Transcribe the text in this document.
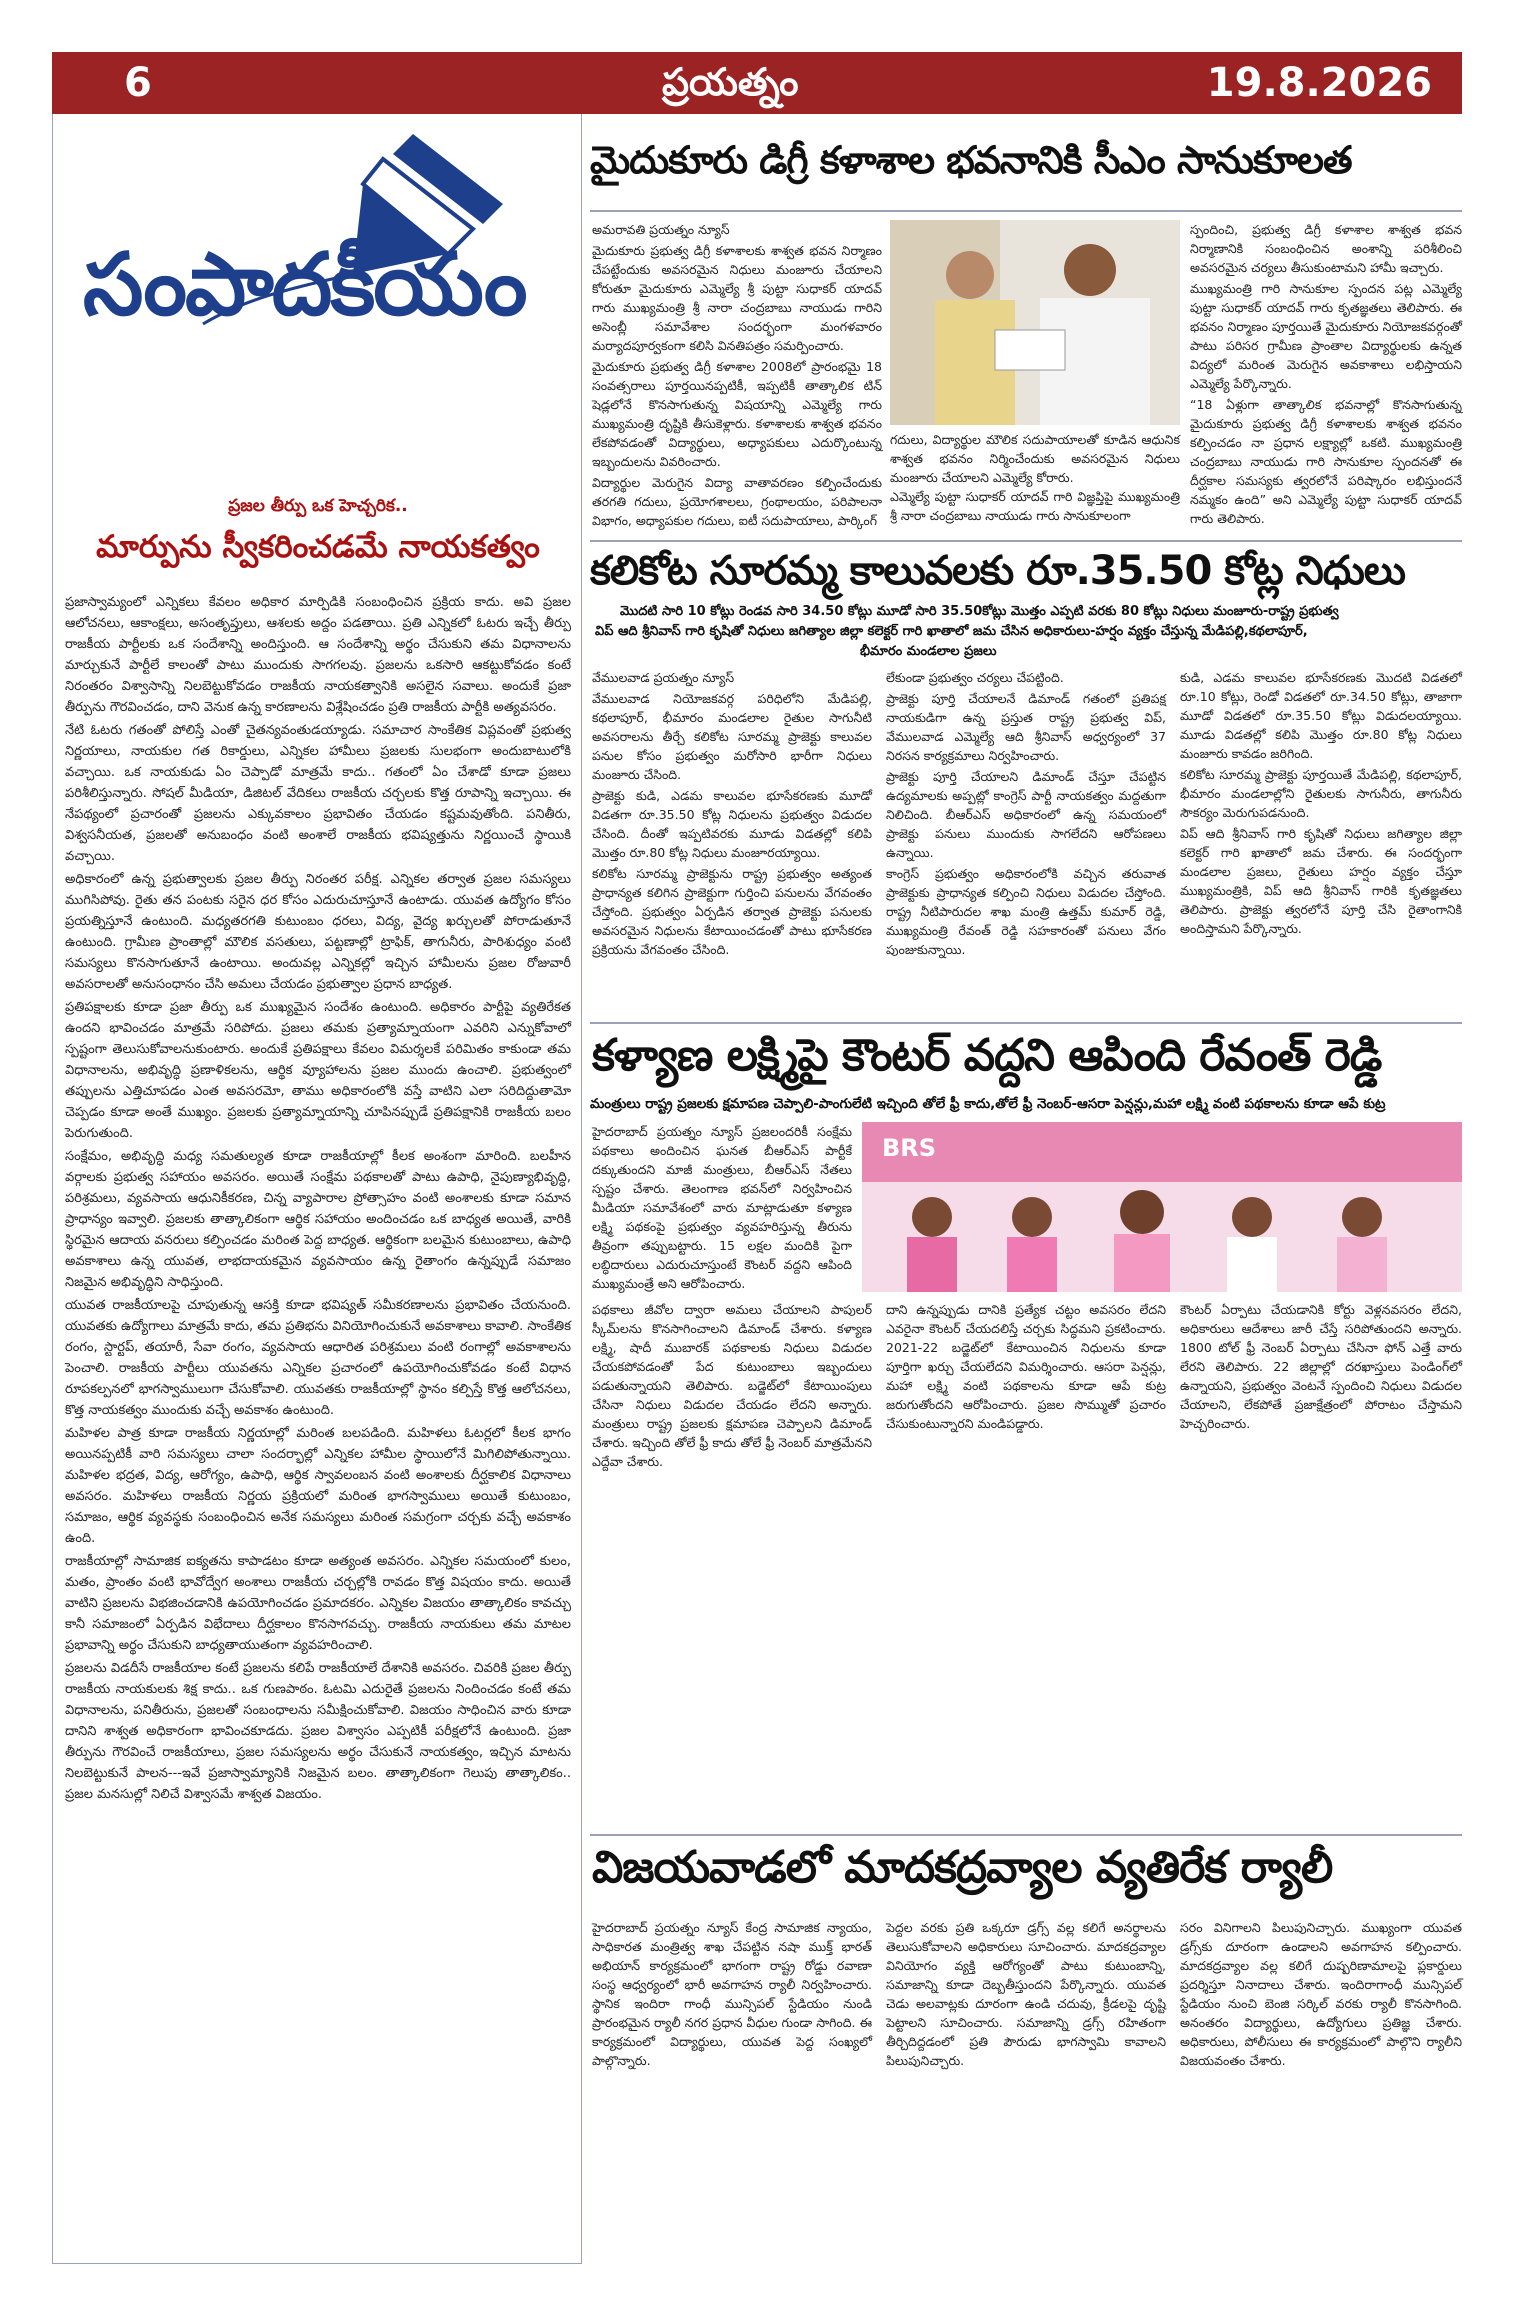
6	ప్రయత్నం	19.8.2026
సంపాదకీయం
ప్రజల తీర్పు ఒక హెచ్చరిక..
మార్పును స్వీకరించడమే నాయకత్వం

ప్రజాస్వామ్యంలో ఎన్నికలు కేవలం అధికార మార్పిడికి సంబంధించిన ప్రక్రియ కాదు. అవి ప్రజల ఆలోచనలు, ఆకాంక్షలు, అసంతృప్తులు, ఆశలకు అద్దం పడతాయి. ప్రతి ఎన్నికలో ఓటరు ఇచ్చే తీర్పు రాజకీయ పార్టీలకు ఒక సందేశాన్ని అందిస్తుంది. ఆ సందేశాన్ని అర్థం చేసుకుని తమ విధానాలను మార్చుకునే పార్టీలే కాలంతో పాటు ముందుకు సాగగలవు. ప్రజలను ఒకసారి ఆకట్టుకోవడం కంటే నిరంతరం విశ్వాసాన్ని నిలబెట్టుకోవడం రాజకీయ నాయకత్వానికి అసలైన సవాలు. అందుకే ప్రజా తీర్పును గౌరవించడం, దాని వెనుక ఉన్న కారణాలను విశ్లేషించడం ప్రతి రాజకీయ పార్టీకి అత్యవసరం.

నేటి ఓటరు గతంతో పోలిస్తే ఎంతో చైతన్యవంతుడయ్యాడు. సమాచార సాంకేతిక విప్లవంతో ప్రభుత్వ నిర్ణయాలు, నాయకుల గత రికార్డులు, ఎన్నికల హామీలు ప్రజలకు సులభంగా అందుబాటులోకి వచ్చాయి. ఒక నాయకుడు ఏం చెప్పాడో మాత్రమే కాదు.. గతంలో ఏం చేశాడో కూడా ప్రజలు పరిశీలిస్తున్నారు. సోషల్ మీడియా, డిజిటల్ వేదికలు రాజకీయ చర్చలకు కొత్త రూపాన్ని ఇచ్చాయి. ఈ నేపథ్యంలో ప్రచారంతో ప్రజలను ఎక్కువకాలం ప్రభావితం చేయడం కష్టమవుతోంది. పనితీరు, విశ్వసనీయత, ప్రజలతో అనుబంధం వంటి అంశాలే రాజకీయ భవిష్యత్తును నిర్ణయించే స్థాయికి వచ్చాయి.

అధికారంలో ఉన్న ప్రభుత్వాలకు ప్రజల తీర్పు నిరంతర పరీక్ష. ఎన్నికల తర్వాత ప్రజల సమస్యలు ముగిసిపోవు. రైతు తన పంటకు సరైన ధర కోసం ఎదురుచూస్తూనే ఉంటాడు. యువత ఉద్యోగం కోసం ప్రయత్నిస్తూనే ఉంటుంది. మధ్యతరగతి కుటుంబం ధరలు, విద్య, వైద్య ఖర్చులతో పోరాడుతూనే ఉంటుంది. గ్రామీణ ప్రాంతాల్లో మౌలిక వసతులు, పట్టణాల్లో ట్రాఫిక్, తాగునీరు, పారిశుధ్యం వంటి సమస్యలు కొనసాగుతూనే ఉంటాయి. అందువల్ల ఎన్నికల్లో ఇచ్చిన హామీలను ప్రజల రోజువారీ అవసరాలతో అనుసంధానం చేసి అమలు చేయడం ప్రభుత్వాల ప్రధాన బాధ్యత.

ప్రతిపక్షాలకు కూడా ప్రజా తీర్పు ఒక ముఖ్యమైన సందేశం ఉంటుంది. అధికారం పార్టీపై వ్యతిరేకత ఉందని భావించడం మాత్రమే సరిపోదు. ప్రజలు తమకు ప్రత్యామ్నాయంగా ఎవరిని ఎన్నుకోవాలో స్పష్టంగా తెలుసుకోవాలనుకుంటారు. అందుకే ప్రతిపక్షాలు కేవలం విమర్శలకే పరిమితం కాకుండా తమ విధానాలను, అభివృద్ధి ప్రణాళికలను, ఆర్థిక వ్యూహాలను ప్రజల ముందు ఉంచాలి. ప్రభుత్వంలో తప్పులను ఎత్తిచూపడం ఎంత అవసరమో, తాము అధికారంలోకి వస్తే వాటిని ఎలా సరిదిద్దుతామో చెప్పడం కూడా అంతే ముఖ్యం. ప్రజలకు ప్రత్యామ్నాయాన్ని చూపినప్పుడే ప్రతిపక్షానికి రాజకీయ బలం పెరుగుతుంది.

సంక్షేమం, అభివృద్ధి మధ్య సమతుల్యత కూడా రాజకీయాల్లో కీలక అంశంగా మారింది. బలహీన వర్గాలకు ప్రభుత్వ సహాయం అవసరం. అయితే సంక్షేమ పథకాలతో పాటు ఉపాధి, నైపుణ్యాభివృద్ధి, పరిశ్రమలు, వ్యవసాయ ఆధునికీకరణ, చిన్న వ్యాపారాల ప్రోత్సాహం వంటి అంశాలకు కూడా సమాన ప్రాధాన్యం ఇవ్వాలి. ప్రజలకు తాత్కాలికంగా ఆర్థిక సహాయం అందించడం ఒక బాధ్యత అయితే, వారికి స్థిరమైన ఆదాయ వనరులు కల్పించడం మరింత పెద్ద బాధ్యత. ఆర్థికంగా బలమైన కుటుంబాలు, ఉపాధి అవకాశాలు ఉన్న యువత, లాభదాయకమైన వ్యవసాయం ఉన్న రైతాంగం ఉన్నప్పుడే సమాజం నిజమైన అభివృద్ధిని సాధిస్తుంది.

యువత రాజకీయాలపై చూపుతున్న ఆసక్తి కూడా భవిష్యత్ సమీకరణాలను ప్రభావితం చేయనుంది. యువతకు ఉద్యోగాలు మాత్రమే కాదు, తమ ప్రతిభను వినియోగించుకునే అవకాశాలు కావాలి. సాంకేతిక రంగం, స్టార్టప్, తయారీ, సేవా రంగం, వ్యవసాయ ఆధారిత పరిశ్రమలు వంటి రంగాల్లో అవకాశాలను పెంచాలి. రాజకీయ పార్టీలు యువతను ఎన్నికల ప్రచారంలో ఉపయోగించుకోవడం కంటే విధాన రూపకల్పనలో భాగస్వాములుగా చేసుకోవాలి. యువతకు రాజకీయాల్లో స్థానం కల్పిస్తే కొత్త ఆలోచనలు, కొత్త నాయకత్వం ముందుకు వచ్చే అవకాశం ఉంటుంది.

మహిళల పాత్ర కూడా రాజకీయ నిర్ణయాల్లో మరింత బలపడింది. మహిళలు ఓటర్లలో కీలక భాగం అయినప్పటికీ వారి సమస్యలు చాలా సందర్భాల్లో ఎన్నికల హామీల స్థాయిలోనే మిగిలిపోతున్నాయి. మహిళల భద్రత, విద్య, ఆరోగ్యం, ఉపాధి, ఆర్థిక స్వావలంబన వంటి అంశాలకు దీర్ఘకాలిక విధానాలు అవసరం. మహిళలు రాజకీయ నిర్ణయ ప్రక్రియలో మరింత భాగస్వాములు అయితే కుటుంబం, సమాజం, ఆర్థిక వ్యవస్థకు సంబంధించిన అనేక సమస్యలు మరింత సమగ్రంగా చర్చకు వచ్చే అవకాశం ఉంది.

రాజకీయాల్లో సామాజిక ఐక్యతను కాపాడటం కూడా అత్యంత అవసరం. ఎన్నికల సమయంలో కులం, మతం, ప్రాంతం వంటి భావోద్వేగ అంశాలు రాజకీయ చర్చల్లోకి రావడం కొత్త విషయం కాదు. అయితే వాటిని ప్రజలను విభజించడానికి ఉపయోగించడం ప్రమాదకరం. ఎన్నికల విజయం తాత్కాలికం కావచ్చు కానీ సమాజంలో ఏర్పడిన విభేదాలు దీర్ఘకాలం కొనసాగవచ్చు. రాజకీయ నాయకులు తమ మాటల ప్రభావాన్ని అర్థం చేసుకుని బాధ్యతాయుతంగా వ్యవహరించాలి.

ప్రజలను విడదీసే రాజకీయాల కంటే ప్రజలను కలిపే రాజకీయాలే దేశానికి అవసరం. చివరికి ప్రజల తీర్పు రాజకీయ నాయకులకు శిక్ష కాదు.. ఒక గుణపాఠం. ఓటమి ఎదురైతే ప్రజలను నిందించడం కంటే తమ విధానాలను, పనితీరును, ప్రజలతో సంబంధాలను సమీక్షించుకోవాలి. విజయం సాధించిన వారు కూడా దానిని శాశ్వత అధికారంగా భావించకూడదు. ప్రజల విశ్వాసం ఎప్పటికీ పరీక్షలోనే ఉంటుంది. ప్రజా తీర్పును గౌరవించే రాజకీయాలు, ప్రజల సమస్యలను అర్థం చేసుకునే నాయకత్వం, ఇచ్చిన మాటను నిలబెట్టుకునే పాలన---ఇవే ప్రజాస్వామ్యానికి నిజమైన బలం. తాత్కాలికంగా గెలుపు తాత్కాలికం.. ప్రజల మనసుల్లో నిలిచే విశ్వాసమే శాశ్వత విజయం.

మైదుకూరు డిగ్రీ కళాశాల భవనానికి సీఎం సానుకూలత

అమరావతి ప్రయత్నం న్యూస్

మైదుకూరు ప్రభుత్వ డిగ్రీ కళాశాలకు శాశ్వత భవన నిర్మాణం చేపట్టేందుకు అవసరమైన నిధులు మంజూరు చేయాలని కోరుతూ మైదుకూరు ఎమ్మెల్యే శ్రీ పుట్టా సుధాకర్ యాదవ్ గారు ముఖ్యమంత్రి శ్రీ నారా చంద్రబాబు నాయుడు గారిని అసెంబ్లీ సమావేశాల సందర్భంగా మంగళవారం మర్యాదపూర్వకంగా కలిసి వినతిపత్రం సమర్పించారు.

మైదుకూరు ప్రభుత్వ డిగ్రీ కళాశాల 2008లో ప్రారంభమై 18 సంవత్సరాలు పూర్తయినప్పటికీ, ఇప్పటికీ తాత్కాలిక టిన్ షెడ్లలోనే కొనసాగుతున్న విషయాన్ని ఎమ్మెల్యే గారు ముఖ్యమంత్రి దృష్టికి తీసుకెళ్లారు. కళాశాలకు శాశ్వత భవనం లేకపోవడంతో విద్యార్థులు, అధ్యాపకులు ఎదుర్కొంటున్న ఇబ్బందులను వివరించారు.

విద్యార్థుల మెరుగైన విద్యా వాతావరణం కల్పించేందుకు తరగతి గదులు, ప్రయోగశాలలు, గ్రంథాలయం, పరిపాలనా విభాగం, అధ్యాపకుల గదులు, ఐటీ సదుపాయాలు, పార్కింగ్

గదులు, విద్యార్థుల మౌలిక సదుపాయాలతో కూడిన ఆధునిక శాశ్వత భవనం నిర్మించేందుకు అవసరమైన నిధులు మంజూరు చేయాలని ఎమ్మెల్యే కోరారు.

ఎమ్మెల్యే పుట్టా సుధాకర్ యాదవ్ గారి విజ్ఞప్తిపై ముఖ్యమంత్రి శ్రీ నారా చంద్రబాబు నాయుడు గారు సానుకూలంగా

స్పందించి, ప్రభుత్వ డిగ్రీ కళాశాల శాశ్వత భవన నిర్మాణానికి సంబంధించిన అంశాన్ని పరిశీలించి అవసరమైన చర్యలు తీసుకుంటామని హామీ ఇచ్చారు.

ముఖ్యమంత్రి గారి సానుకూల స్పందన పట్ల ఎమ్మెల్యే పుట్టా సుధాకర్ యాదవ్ గారు కృతజ్ఞతలు తెలిపారు. ఈ భవనం నిర్మాణం పూర్తయితే మైదుకూరు నియోజకవర్గంతో పాటు పరిసర గ్రామీణ ప్రాంతాల విద్యార్థులకు ఉన్నత విద్యలో మరింత మెరుగైన అవకాశాలు లభిస్తాయని ఎమ్మెల్యే పేర్కొన్నారు.

“18 ఏళ్లుగా తాత్కాలిక భవనాల్లో కొనసాగుతున్న మైదుకూరు ప్రభుత్వ డిగ్రీ కళాశాలకు శాశ్వత భవనం కల్పించడం నా ప్రధాన లక్ష్యాల్లో ఒకటి. ముఖ్యమంత్రి చంద్రబాబు నాయుడు గారి సానుకూల స్పందనతో ఈ దీర్ఘకాల సమస్యకు త్వరలోనే పరిష్కారం లభిస్తుందనే నమ్మకం ఉంది” అని ఎమ్మెల్యే పుట్టా సుధాకర్ యాదవ్ గారు తెలిపారు.

కలికోట సూరమ్మ కాలువలకు రూ.35.50 కోట్ల నిధులు
మొదటి సారి 10 కోట్లు రెండవ సారి 34.50 కోట్లు మూడో సారి 35.50కోట్లు మొత్తం ఎప్పటి వరకు 80 కోట్లు నిధులు మంజూరు-రాష్ట్ర ప్రభుత్వ
విప్ ఆది శ్రీనివాస్ గారి కృషితో నిధులు జగిత్యాల జిల్లా కలెక్టర్ గారి ఖాతాలో జమ చేసిన అధికారులు-హర్షం వ్యక్తం చేస్తున్న మేడిపల్లి,కథలాపూర్,
భీమారం మండలాల ప్రజలు

వేములవాడ ప్రయత్నం న్యూస్

వేములవాడ నియోజకవర్గ పరిధిలోని మేడిపల్లి, కథలాపూర్, భీమారం మండలాల రైతుల సాగునీటి అవసరాలను తీర్చే కలికోట సూరమ్మ ప్రాజెక్టు కాలువల పనుల కోసం ప్రభుత్వం మరోసారి భారీగా నిధులు మంజూరు చేసింది.

ప్రాజెక్టు కుడి, ఎడమ కాలువల భూసేకరణకు మూడో విడతగా రూ.35.50 కోట్ల నిధులను ప్రభుత్వం విడుదల చేసింది. దీంతో ఇప్పటివరకు మూడు విడతల్లో కలిపి మొత్తం రూ.80 కోట్ల నిధులు మంజూరయ్యాయి.

కలికోట సూరమ్మ ప్రాజెక్టును రాష్ట్ర ప్రభుత్వం అత్యంత ప్రాధాన్యత కలిగిన ప్రాజెక్టుగా గుర్తించి పనులను వేగవంతం చేస్తోంది. ప్రభుత్వం ఏర్పడిన తర్వాత ప్రాజెక్టు పనులకు అవసరమైన నిధులను కేటాయించడంతో పాటు భూసేకరణ ప్రక్రియను వేగవంతం చేసింది.

లేకుండా ప్రభుత్వం చర్యలు చేపట్టింది.

ప్రాజెక్టు పూర్తి చేయాలనే డిమాండ్ గతంలో ప్రతిపక్ష నాయకుడిగా ఉన్న ప్రస్తుత రాష్ట్ర ప్రభుత్వ విప్, వేములవాడ ఎమ్మెల్యే ఆది శ్రీనివాస్ అధ్వర్యంలో 37 నిరసన కార్యక్రమాలు నిర్వహించారు.

ప్రాజెక్టు పూర్తి చేయాలని డిమాండ్ చేస్తూ చేపట్టిన ఉద్యమాలకు అప్పట్లో కాంగ్రెస్ పార్టీ నాయకత్వం మద్దతుగా నిలిచింది. బీఆర్ఎస్ అధికారంలో ఉన్న సమయంలో ప్రాజెక్టు పనులు ముందుకు సాగలేదని ఆరోపణలు ఉన్నాయి.

కాంగ్రెస్ ప్రభుత్వం అధికారంలోకి వచ్చిన తరువాత ప్రాజెక్టుకు ప్రాధాన్యత కల్పించి నిధులు విడుదల చేస్తోంది. రాష్ట్ర నీటిపారుదల శాఖ మంత్రి ఉత్తమ్ కుమార్ రెడ్డి, ముఖ్యమంత్రి రేవంత్ రెడ్డి సహకారంతో పనులు వేగం పుంజుకున్నాయి.

కుడి, ఎడమ కాలువల భూసేకరణకు మొదటి విడతలో రూ.10 కోట్లు, రెండో విడతలో రూ.34.50 కోట్లు, తాజాగా మూడో విడతలో రూ.35.50 కోట్లు విడుదలయ్యాయి. మూడు విడతల్లో కలిపి మొత్తం రూ.80 కోట్ల నిధులు మంజూరు కావడం జరిగింది.

కలికోట సూరమ్మ ప్రాజెక్టు పూర్తయితే మేడిపల్లి, కథలాపూర్, భీమారం మండలాల్లోని రైతులకు సాగునీరు, తాగునీరు సౌకర్యం మెరుగుపడనుంది.

విప్ ఆది శ్రీనివాస్ గారి కృషితో నిధులు జగిత్యాల జిల్లా కలెక్టర్ గారి ఖాతాలో జమ చేశారు. ఈ సందర్భంగా మండలాల ప్రజలు, రైతులు హర్షం వ్యక్తం చేస్తూ ముఖ్యమంత్రికి, విప్ ఆది శ్రీనివాస్ గారికి కృతజ్ఞతలు తెలిపారు. ప్రాజెక్టు త్వరలోనే పూర్తి చేసి రైతాంగానికి అందిస్తామని పేర్కొన్నారు.

కళ్యాణ లక్ష్మిపై కౌంటర్ వద్దని ఆపింది రేవంత్ రెడ్డి
మంత్రులు రాష్ట్ర ప్రజలకు క్షమాపణ చెప్పాలి-పాంగులేటి ఇచ్చింది తోలే ఫ్రీ కాదు,తోలే ఫ్రీ నెంబర్-ఆసరా పెన్షన్లు,మహా లక్ష్మి వంటి పథకాలను కూడా ఆపే కుట్ర

హైదరాబాద్ ప్రయత్నం న్యూస్ ప్రజలందరికీ సంక్షేమ పథకాలు అందించిన ఘనత బీఆర్ఎస్ పార్టీకే దక్కుతుందని మాజీ మంత్రులు, బీఆర్ఎస్ నేతలు స్పష్టం చేశారు. తెలంగాణ భవన్‌లో నిర్వహించిన మీడియా సమావేశంలో వారు మాట్లాడుతూ కళ్యాణ లక్ష్మి పథకంపై ప్రభుత్వం వ్యవహరిస్తున్న తీరును తీవ్రంగా తప్పుబట్టారు. 15 లక్షల మందికి పైగా లబ్ధిదారులు ఎదురుచూస్తుంటే కౌంటర్ వద్దని ఆపింది ముఖ్యమంత్రే అని ఆరోపించారు.

BRS

పథకాలు జీవోల ద్వారా అమలు చేయాలని పాపులర్ స్కీమ్‌లను కొనసాగించాలని డిమాండ్ చేశారు. కళ్యాణ లక్ష్మి, షాదీ ముబారక్ పథకాలకు నిధులు విడుదల చేయకపోవడంతో పేద కుటుంబాలు ఇబ్బందులు పడుతున్నాయని తెలిపారు. బడ్జెట్‌లో కేటాయింపులు చేసినా నిధులు విడుదల చేయడం లేదని అన్నారు. మంత్రులు రాష్ట్ర ప్రజలకు క్షమాపణ చెప్పాలని డిమాండ్ చేశారు. ఇచ్చింది తోలే ఫ్రీ కాదు తోలే ఫ్రీ నెంబర్ మాత్రమేనని ఎద్దేవా చేశారు.

దాని ఉన్నప్పుడు దానికి ప్రత్యేక చట్టం అవసరం లేదని ఎవరైనా కౌంటర్ చేయదలిస్తే చర్చకు సిద్ధమని ప్రకటించారు. 2021-22 బడ్జెట్‌లో కేటాయించిన నిధులను కూడా పూర్తిగా ఖర్చు చేయలేదని విమర్శించారు. ఆసరా పెన్షన్లు, మహా లక్ష్మి వంటి పథకాలను కూడా ఆపే కుట్ర జరుగుతోందని ఆరోపించారు. ప్రజల సొమ్ముతో ప్రచారం చేసుకుంటున్నారని మండిపడ్డారు.

కౌంటర్ ఏర్పాటు చేయడానికి కోర్టు వెళ్లనవసరం లేదని, అధికారులు ఆదేశాలు జారీ చేస్తే సరిపోతుందని అన్నారు. 1800 టోల్ ఫ్రీ నెంబర్ ఏర్పాటు చేసినా ఫోన్ ఎత్తే వారు లేరని తెలిపారు. 22 జిల్లాల్లో దరఖాస్తులు పెండింగ్‌లో ఉన్నాయని, ప్రభుత్వం వెంటనే స్పందించి నిధులు విడుదల చేయాలని, లేకపోతే ప్రజాక్షేత్రంలో పోరాటం చేస్తామని హెచ్చరించారు.

విజయవాడలో మాదకద్రవ్యాల వ్యతిరేక ర్యాలీ

హైదరాబాద్ ప్రయత్నం న్యూస్ కేంద్ర సామాజిక న్యాయం, సాధికారత మంత్రిత్వ శాఖ చేపట్టిన నషా ముక్త్ భారత్ అభియాన్ కార్యక్రమంలో భాగంగా రాష్ట్ర రోడ్డు రవాణా సంస్థ ఆధ్వర్యంలో భారీ అవగాహన ర్యాలీ నిర్వహించారు. స్థానిక ఇందిరా గాంధీ మున్సిపల్ స్టేడియం నుండి ప్రారంభమైన ర్యాలీ నగర ప్రధాన వీధుల గుండా సాగింది. ఈ కార్యక్రమంలో విద్యార్థులు, యువత పెద్ద సంఖ్యలో పాల్గొన్నారు.

పెద్దల వరకు ప్రతి ఒక్కరూ డ్రగ్స్ వల్ల కలిగే అనర్థాలను తెలుసుకోవాలని అధికారులు సూచించారు. మాదకద్రవ్యాల వినియోగం వ్యక్తి ఆరోగ్యంతో పాటు కుటుంబాన్ని, సమాజాన్ని కూడా దెబ్బతీస్తుందని పేర్కొన్నారు. యువత చెడు అలవాట్లకు దూరంగా ఉండి చదువు, క్రీడలపై దృష్టి పెట్టాలని సూచించారు. సమాజాన్ని డ్రగ్స్ రహితంగా తీర్చిదిద్దడంలో ప్రతి పౌరుడు భాగస్వామి కావాలని పిలుపునిచ్చారు.

సరం వినిగాలని పిలుపునిచ్చారు. ముఖ్యంగా యువత డ్రగ్స్‌కు దూరంగా ఉండాలని అవగాహన కల్పించారు. మాదకద్రవ్యాల వల్ల కలిగే దుష్పరిణామాలపై ప్లకార్డులు ప్రదర్శిస్తూ నినాదాలు చేశారు. ఇందిరాగాంధీ మున్సిపల్ స్టేడియం నుంచి బెంజి సర్కిల్ వరకు ర్యాలీ కొనసాగింది. అనంతరం విద్యార్థులు, ఉద్యోగులు ప్రతిజ్ఞ చేశారు. అధికారులు, పోలీసులు ఈ కార్యక్రమంలో పాల్గొని ర్యాలీని విజయవంతం చేశారు.
